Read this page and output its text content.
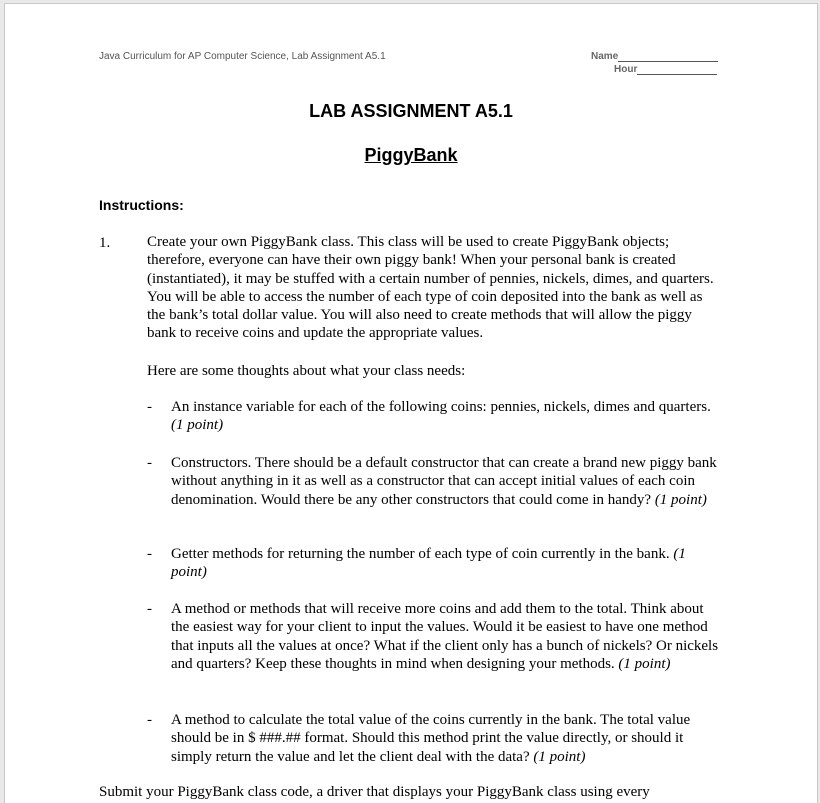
Java Curriculum for AP Computer Science, Lab Assignment A5.1	Name
Hour
LAB ASSIGNMENT A5.1
PiggyBank
Instructions:
1. Create your own PiggyBank class. This class will be used to create PiggyBank objects; therefore, everyone can have their own piggy bank! When your personal bank is created (instantiated), it may be stuffed with a certain number of pennies, nickels, dimes, and quarters. You will be able to access the number of each type of coin deposited into the bank as well as the bank’s total dollar value. You will also need to create methods that will allow the piggy bank to receive coins and update the appropriate values.
Here are some thoughts about what your class needs:
- An instance variable for each of the following coins: pennies, nickels, dimes and quarters. (1 point)
- Constructors. There should be a default constructor that can create a brand new piggy bank without anything in it as well as a constructor that can accept initial values of each coin denomination. Would there be any other constructors that could come in handy? (1 point)
- Getter methods for returning the number of each type of coin currently in the bank. (1 point)
- A method or methods that will receive more coins and add them to the total. Think about the easiest way for your client to input the values. Would it be easiest to have one method that inputs all the values at once? What if the client only has a bunch of nickels? Or nickels and quarters? Keep these thoughts in mind when designing your methods. (1 point)
- A method to calculate the total value of the coins currently in the bank. The total value should be in $ ###.## format. Should this method print the value directly, or should it simply return the value and let the client deal with the data? (1 point)
Submit your PiggyBank class code, a driver that displays your PiggyBank class using every
